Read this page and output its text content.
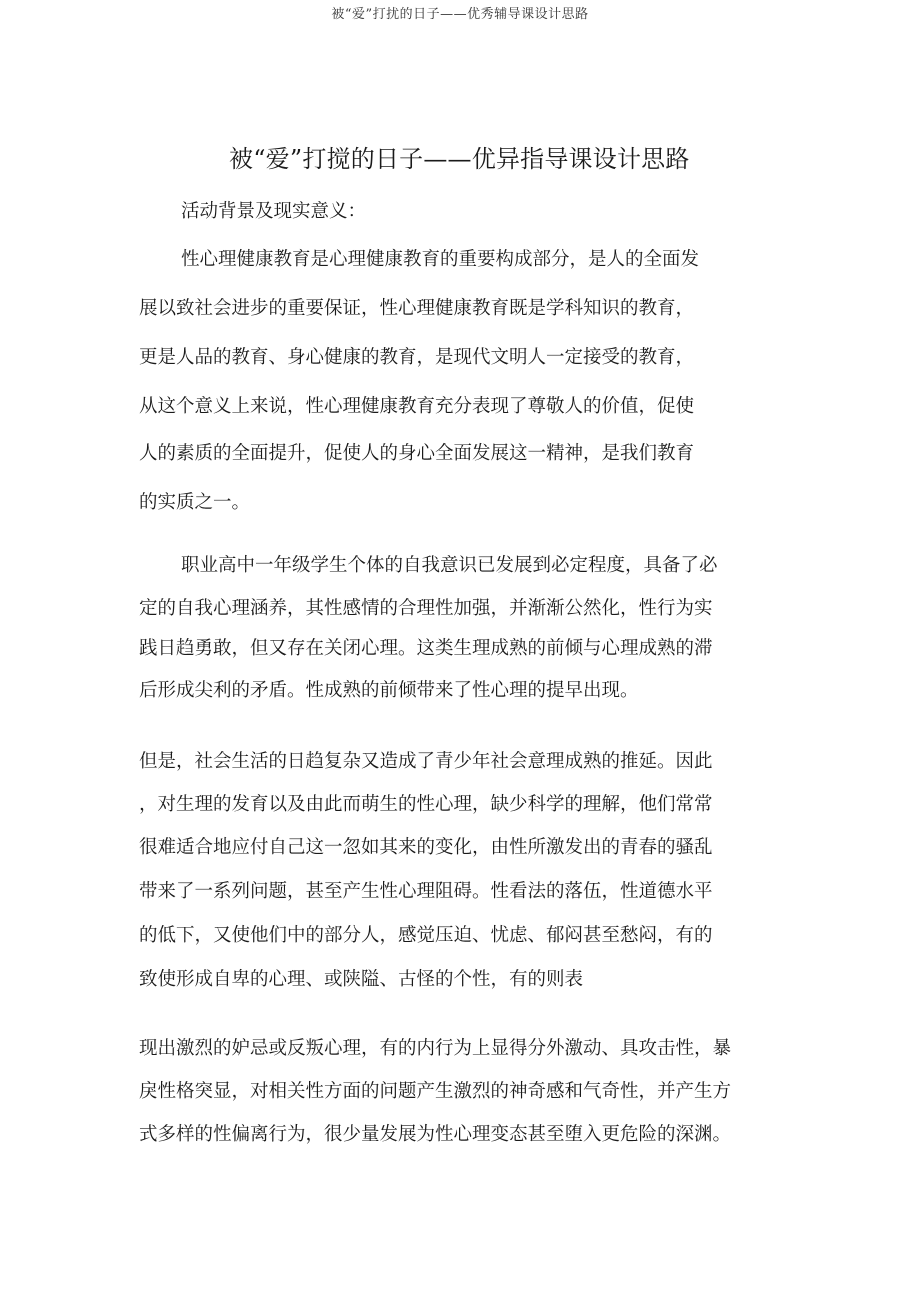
被“爱”打扰的日子——优秀辅导课设计思路
被“爱”打搅的日子——优异指导课设计思路
活动背景及现实意义：
性心理健康教育是心理健康教育的重要构成部分，是人的全面发
展以致社会进步的重要保证，性心理健康教育既是学科知识的教育，
更是人品的教育、身心健康的教育，是现代文明人一定接受的教育，
从这个意义上来说，性心理健康教育充分表现了尊敬人的价值，促使
人的素质的全面提升，促使人的身心全面发展这一精神，是我们教育
的实质之一。
职业高中一年级学生个体的自我意识已发展到必定程度，具备了必
定的自我心理涵养，其性感情的合理性加强，并渐渐公然化，性行为实
践日趋勇敢，但又存在关闭心理。这类生理成熟的前倾与心理成熟的滞
后形成尖利的矛盾。性成熟的前倾带来了性心理的提早出现。
但是，社会生活的日趋复杂又造成了青少年社会意理成熟的推延。因此
，对生理的发育以及由此而萌生的性心理，缺少科学的理解，他们常常
很难适合地应付自己这一忽如其来的变化，由性所激发出的青春的骚乱
带来了一系列问题，甚至产生性心理阻碍。性看法的落伍，性道德水平
的低下，又使他们中的部分人，感觉压迫、忧虑、郁闷甚至愁闷，有的
致使形成自卑的心理、或陕隘、古怪的个性，有的则表
现出激烈的妒忌或反叛心理，有的内行为上显得分外激动、具攻击性，暴
戾性格突显，对相关性方面的问题产生激烈的神奇感和气奇性，并产生方
式多样的性偏离行为，很少量发展为性心理变态甚至堕入更危险的深渊。
